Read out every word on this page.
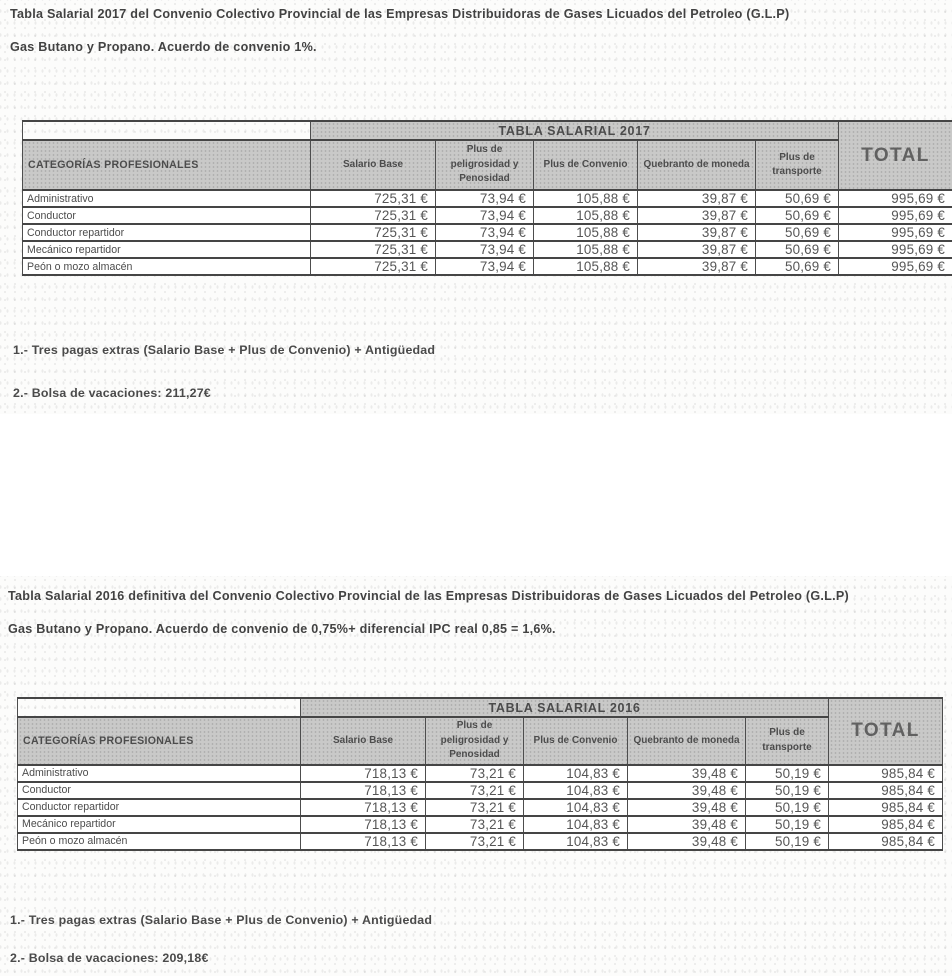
Tabla Salarial 2017 del Convenio Colectivo Provincial de las Empresas Distribuidoras de Gases Licuados del Petroleo (G.L.P)
Gas Butano y Propano. Acuerdo de convenio 1%.
	TABLA SALARIAL 2017					TOTAL
CATEGORÍAS PROFESIONALES	Salario Base	Plus de peligrosidad y Penosidad	Plus de Convenio	Quebranto de moneda	Plus de transporte	
Administrativo	725,31 €	73,94 €	105,88 €	39,87 €	50,69 €	995,69 €
Conductor	725,31 €	73,94 €	105,88 €	39,87 €	50,69 €	995,69 €
Conductor repartidor	725,31 €	73,94 €	105,88 €	39,87 €	50,69 €	995,69 €
Mecánico repartidor	725,31 €	73,94 €	105,88 €	39,87 €	50,69 €	995,69 €
Peón o mozo almacén	725,31 €	73,94 €	105,88 €	39,87 €	50,69 €	995,69 €
1.- Tres pagas extras (Salario Base + Plus de Convenio) + Antigüedad
2.- Bolsa de vacaciones: 211,27€
Tabla Salarial 2016 definitiva del Convenio Colectivo Provincial de las Empresas Distribuidoras de Gases Licuados del Petroleo (G.L.P)
Gas Butano y Propano. Acuerdo de convenio de 0,75%+ diferencial IPC real 0,85 = 1,6%.
	TABLA SALARIAL 2016					TOTAL
CATEGORÍAS PROFESIONALES	Salario Base	Plus de peligrosidad y Penosidad	Plus de Convenio	Quebranto de moneda	Plus de transporte	
Administrativo	718,13 €	73,21 €	104,83 €	39,48 €	50,19 €	985,84 €
Conductor	718,13 €	73,21 €	104,83 €	39,48 €	50,19 €	985,84 €
Conductor repartidor	718,13 €	73,21 €	104,83 €	39,48 €	50,19 €	985,84 €
Mecánico repartidor	718,13 €	73,21 €	104,83 €	39,48 €	50,19 €	985,84 €
Peón o mozo almacén	718,13 €	73,21 €	104,83 €	39,48 €	50,19 €	985,84 €
1.- Tres pagas extras (Salario Base + Plus de Convenio) + Antigüedad
2.- Bolsa de vacaciones: 209,18€
